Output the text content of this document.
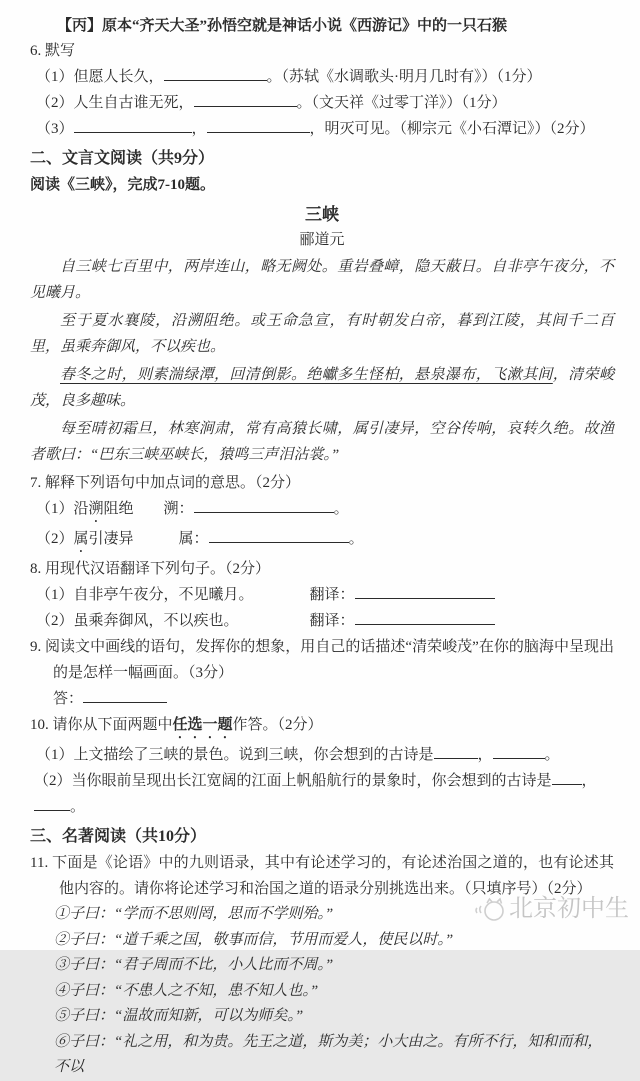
【丙】原本“齐天大圣”孙悟空就是神话小说《西游记》中的一只石猴
6. 默写
（1）但愿人长久，	。（苏轼《水调歌头·明月几时有》）（1分）
（2）人生自古谁无死，	。（文天祥《过零丁洋》）（1分）
（3）	，	，明灭可见。（柳宗元《小石潭记》）（2分）
二、文言文阅读（共9分）
阅读《三峡》，完成7-10题。
三峡
郦道元

自三峡七百里中，两岸连山，略无阙处。重岩叠嶂，隐天蔽日。自非亭午夜分，不见曦月。

至于夏水襄陵，沿溯阻绝。或王命急宣，有时朝发白帝，暮到江陵，其间千二百里，虽乘奔御风，不以疾也。

春冬之时，则素湍绿潭，回清倒影。绝巘多生怪柏，悬泉瀑布，飞漱其间，清荣峻茂，良多趣味。

每至晴初霜旦，林寒涧肃，常有高猿长啸，属引凄异，空谷传响，哀转久绝。故渔者歌曰：“巴东三峡巫峡长，猿鸣三声泪沾裳。”

7. 解释下列语句中加点词的意思。（2分）
（1）沿溯阻绝 溯：	。
（2）属引凄异	属：	。
8. 用现代汉语翻译下列句子。（2分）
（1）自非亭午夜分，不见曦月。	翻译：
（2）虽乘奔御风，不以疾也。	翻译：
9. 阅读文中画线的语句，发挥你的想象，用自己的话描述“清荣峻茂”在你的脑海中呈现出的是怎样一幅画面。（3分）
答：
10. 请你从下面两题中任选一题作答。（2分）
（1）上文描绘了三峡的景色。说到三峡，你会想到的古诗是	，	。
（2）当你眼前呈现出长江宽阔的江面上帆船航行的景象时，你会想到的古诗是 ，。
三、名著阅读（共10分）
11. 下面是《论语》中的九则语录，其中有论述学习的，有论述治国之道的，也有论述其他内容的。请你将论述学习和治国之道的语录分别挑选出来。（只填序号）（2分）
①子曰：“学而不思则罔，思而不学则殆。”
②子曰：“道千乘之国，敬事而信，节用而爱人，使民以时。”
③子曰：“君子周而不比，小人比而不周。”
④子曰：“不患人之不知，患不知人也。”
⑤子曰：“温故而知新，可以为师矣。”
⑥子曰：“礼之用，和为贵。先王之道，斯为美；小大由之。有所不行，知和而和，不以
北京初中生
